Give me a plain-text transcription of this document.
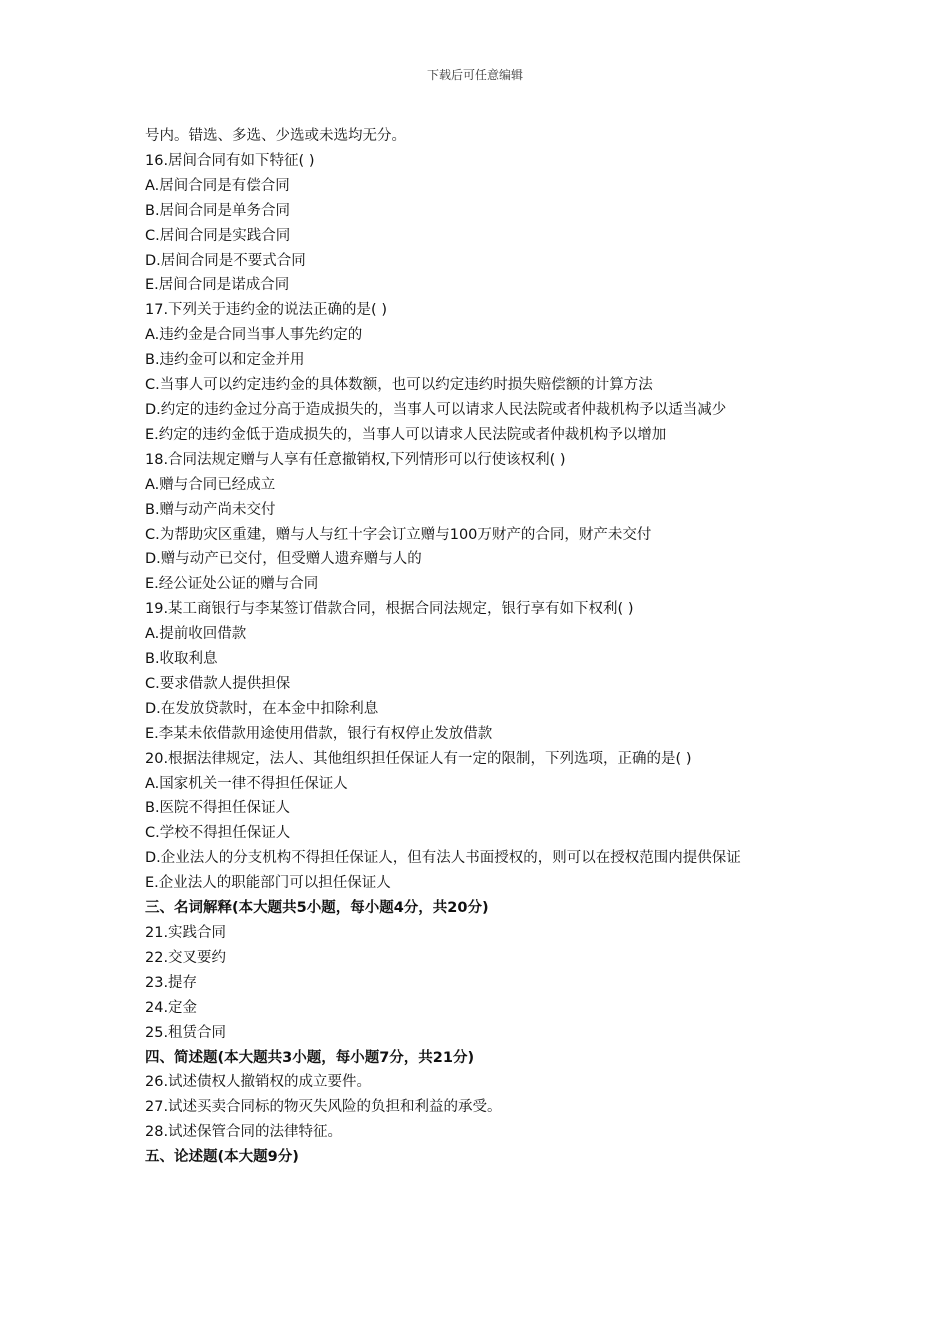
下载后可任意编辑
号内。错选、多选、少选或未选均无分。
16.居间合同有如下特征( )
A.居间合同是有偿合同
B.居间合同是单务合同
C.居间合同是实践合同
D.居间合同是不要式合同
E.居间合同是诺成合同
17.下列关于违约金的说法正确的是( )
A.违约金是合同当事人事先约定的
B.违约金可以和定金并用
C.当事人可以约定违约金的具体数额，也可以约定违约时损失赔偿额的计算方法
D.约定的违约金过分高于造成损失的，当事人可以请求人民法院或者仲裁机构予以适当减少
E.约定的违约金低于造成损失的，当事人可以请求人民法院或者仲裁机构予以增加
18.合同法规定赠与人享有任意撤销权,下列情形可以行使该权利( )
A.赠与合同已经成立
B.赠与动产尚未交付
C.为帮助灾区重建，赠与人与红十字会订立赠与100万财产的合同，财产未交付
D.赠与动产已交付，但受赠人遗弃赠与人的
E.经公证处公证的赠与合同
19.某工商银行与李某签订借款合同，根据合同法规定，银行享有如下权利( )
A.提前收回借款
B.收取利息
C.要求借款人提供担保
D.在发放贷款时，在本金中扣除利息
E.李某未依借款用途使用借款，银行有权停止发放借款
20.根据法律规定，法人、其他组织担任保证人有一定的限制，下列选项，正确的是( )
A.国家机关一律不得担任保证人
B.医院不得担任保证人
C.学校不得担任保证人
D.企业法人的分支机构不得担任保证人，但有法人书面授权的，则可以在授权范围内提供保证
E.企业法人的职能部门可以担任保证人
三、名词解释(本大题共5小题，每小题4分，共20分)
21.实践合同
22.交叉要约
23.提存
24.定金
25.租赁合同
四、简述题(本大题共3小题，每小题7分，共21分)
26.试述债权人撤销权的成立要件。
27.试述买卖合同标的物灭失风险的负担和利益的承受。
28.试述保管合同的法律特征。
五、论述题(本大题9分)
